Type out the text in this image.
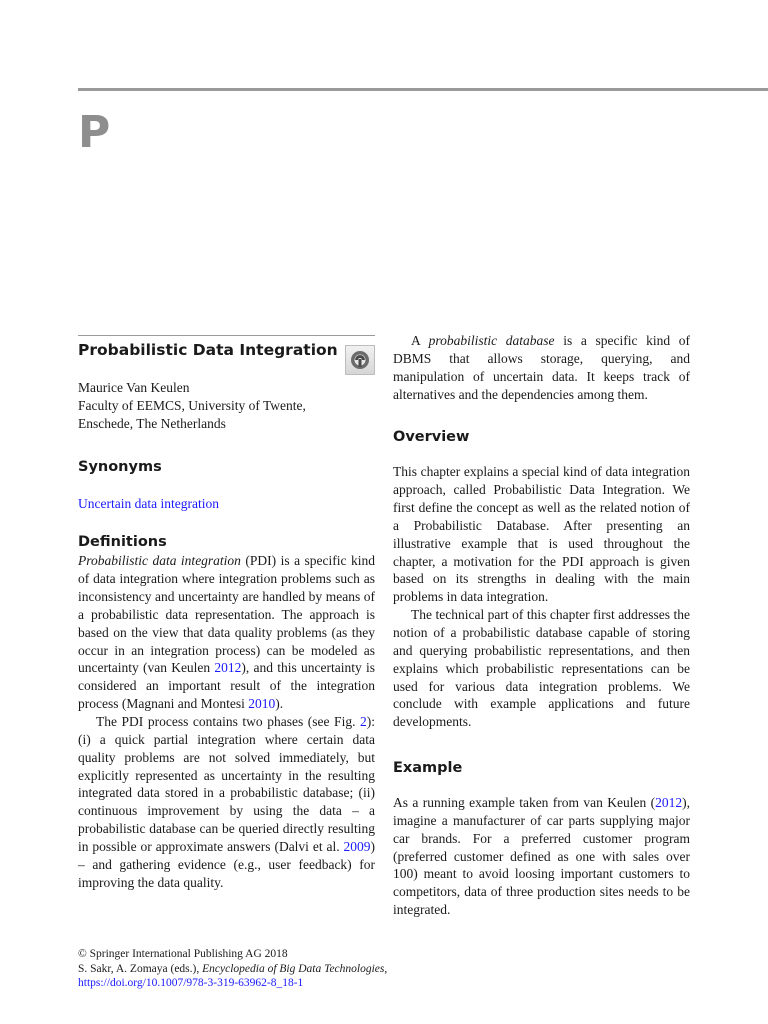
P
Probabilistic Data Integration
Maurice Van Keulen
Faculty of EEMCS, University of Twente,
Enschede, The Netherlands
Synonyms
Uncertain data integration
Definitions

Probabilistic data integration (PDI) is a specific kind of data integration where integration problems such as inconsistency and uncertainty are handled by means of a probabilistic data representation. The approach is based on the view that data quality problems (as they occur in an integration process) can be modeled as uncertainty (van Keulen 2012), and this uncertainty is considered an important result of the integration process (Magnani and Montesi 2010).

The PDI process contains two phases (see Fig. 2): (i) a quick partial integration where certain data quality problems are not solved immediately, but explicitly represented as uncertainty in the resulting integrated data stored in a probabilistic database; (ii) continuous improvement by using the data – a probabilistic database can be queried directly resulting in possible or approximate answers (Dalvi et al. 2009) – and gathering evidence (e.g., user feedback) for improving the data quality.

A probabilistic database is a specific kind of DBMS that allows storage, querying, and manipulation of uncertain data. It keeps track of alternatives and the dependencies among them.

Overview

This chapter explains a special kind of data integration approach, called Probabilistic Data Integration. We first define the concept as well as the related notion of a Probabilistic Database. After presenting an illustrative example that is used throughout the chapter, a motivation for the PDI approach is given based on its strengths in dealing with the main problems in data integration.

The technical part of this chapter first addresses the notion of a probabilistic database capable of storing and querying probabilistic representations, and then explains which probabilistic representations can be used for various data integration problems. We conclude with example applications and future developments.

Example

As a running example taken from van Keulen (2012), imagine a manufacturer of car parts supplying major car brands. For a preferred customer program (preferred customer defined as one with sales over 100) meant to avoid loosing important customers to competitors, data of three production sites needs to be integrated.

© Springer International Publishing AG 2018
S. Sakr, A. Zomaya (eds.), Encyclopedia of Big Data Technologies,
https://doi.org/10.1007/978-3-319-63962-8_18-1
